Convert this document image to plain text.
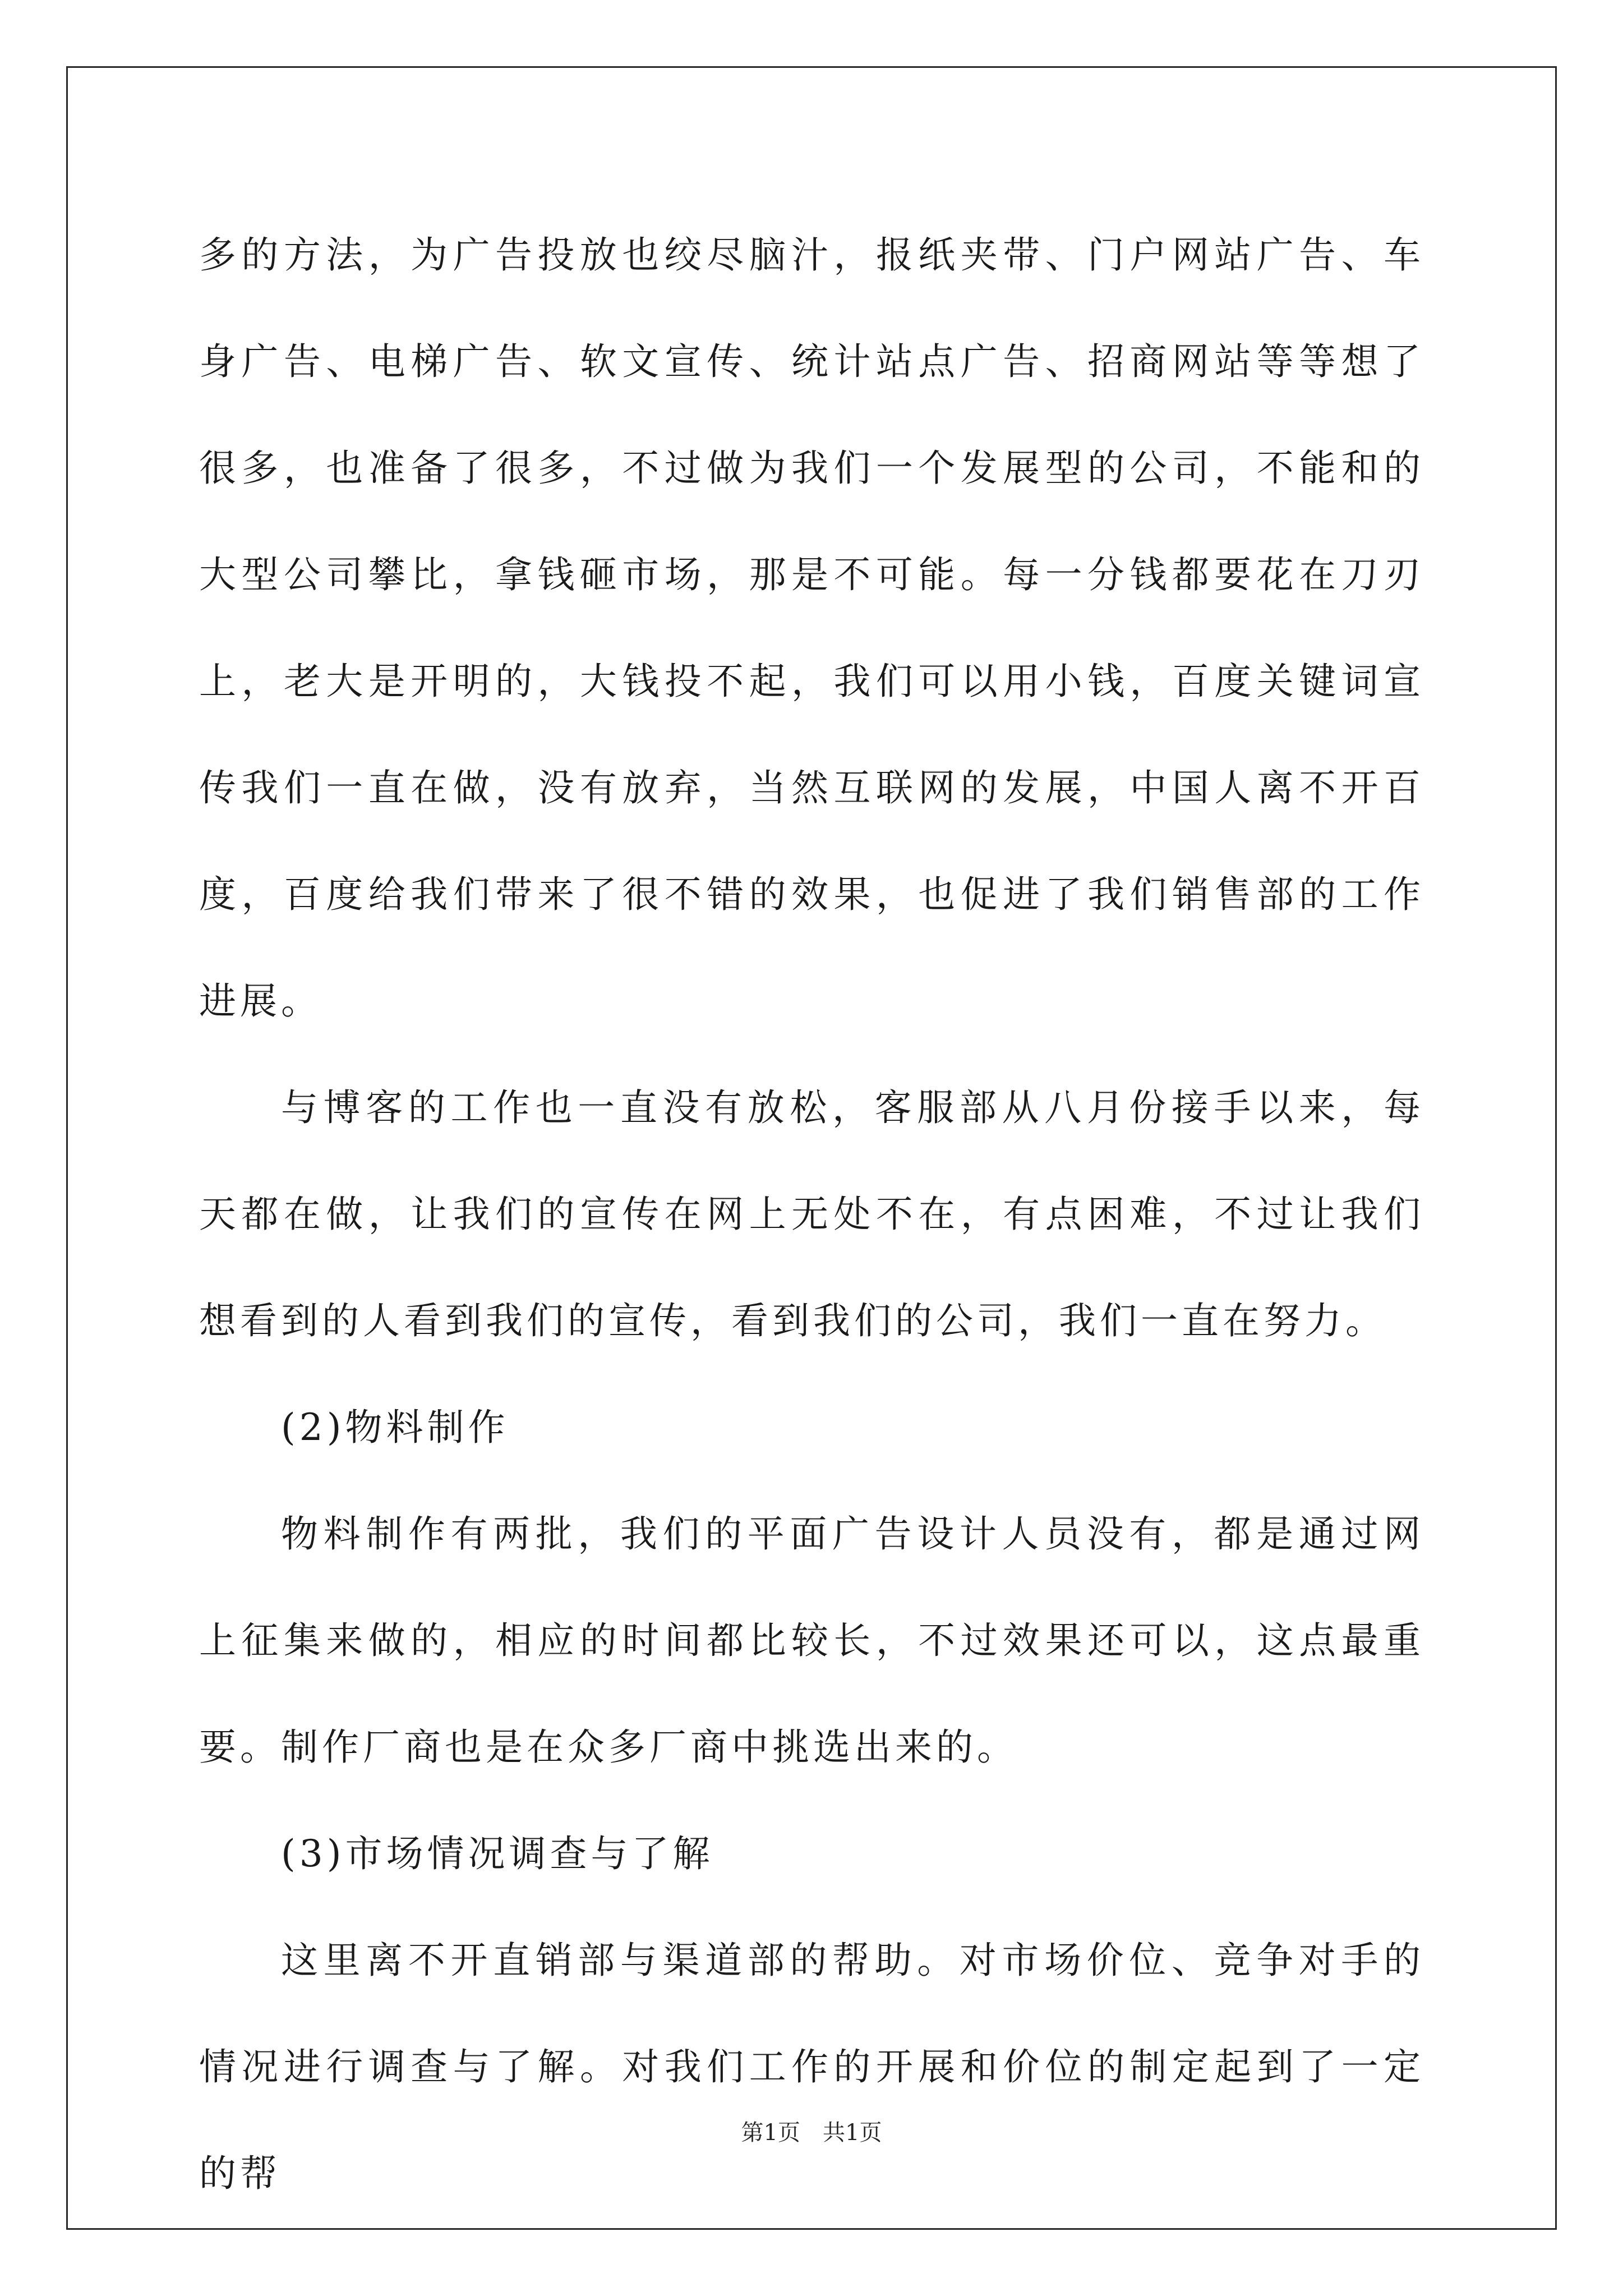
多的方法，为广告投放也绞尽脑汁，报纸夹带、门户网站广告、车身广告、电梯广告、软文宣传、统计站点广告、招商网站等等想了很多，也准备了很多，不过做为我们一个发展型的公司，不能和的大型公司攀比，拿钱砸市场，那是不可能。每一分钱都要花在刀刃上，老大是开明的，大钱投不起，我们可以用小钱，百度关键词宣传我们一直在做，没有放弃，当然互联网的发展，中国人离不开百度，百度给我们带来了很不错的效果，也促进了我们销售部的工作进展。

与博客的工作也一直没有放松，客服部从八月份接手以来，每天都在做，让我们的宣传在网上无处不在，有点困难，不过让我们想看到的人看到我们的宣传，看到我们的公司，我们一直在努力。

(2)物料制作

物料制作有两批，我们的平面广告设计人员没有，都是通过网上征集来做的，相应的时间都比较长，不过效果还可以，这点最重要。制作厂商也是在众多厂商中挑选出来的。

(3)市场情况调查与了解

这里离不开直销部与渠道部的帮助。对市场价位、竞争对手的情况进行调查与了解。对我们工作的开展和价位的制定起到了一定的帮

第1页 共1页
